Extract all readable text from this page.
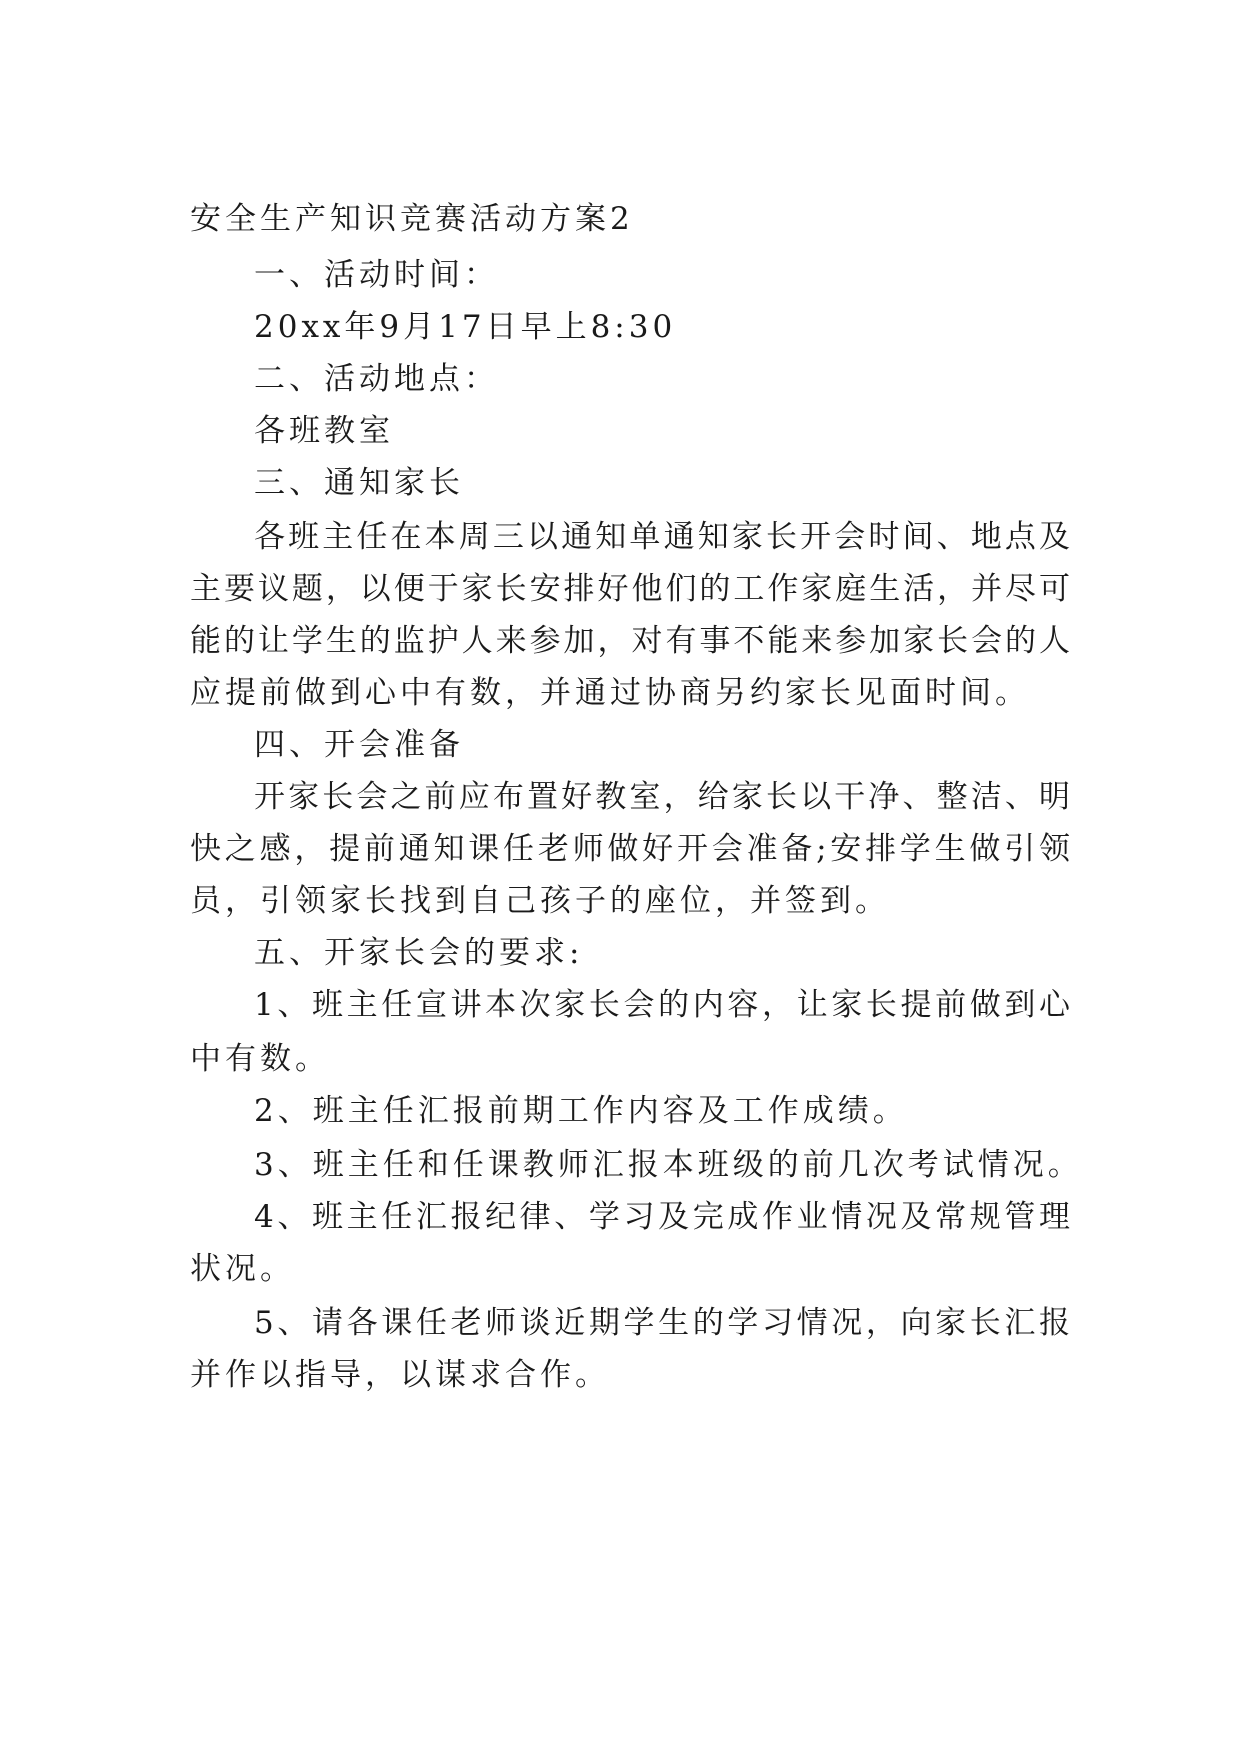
安全生产知识竞赛活动方案2
一、活动时间：
20xx年9月17日早上8:30
二、活动地点：
各班教室
三、通知家长
各班主任在本周三以通知单通知家长开会时间、地点及
主要议题，以便于家长安排好他们的工作家庭生活，并尽可
能的让学生的监护人来参加，对有事不能来参加家长会的人
应提前做到心中有数，并通过协商另约家长见面时间。
四、开会准备
开家长会之前应布置好教室，给家长以干净、整洁、明
快之感，提前通知课任老师做好开会准备;安排学生做引领
员，引领家长找到自己孩子的座位，并签到。
五、开家长会的要求:
1、班主任宣讲本次家长会的内容，让家长提前做到心
中有数。
2、班主任汇报前期工作内容及工作成绩。
3、班主任和任课教师汇报本班级的前几次考试情况。
4、班主任汇报纪律、学习及完成作业情况及常规管理
状况。
5、请各课任老师谈近期学生的学习情况，向家长汇报
并作以指导，以谋求合作。
